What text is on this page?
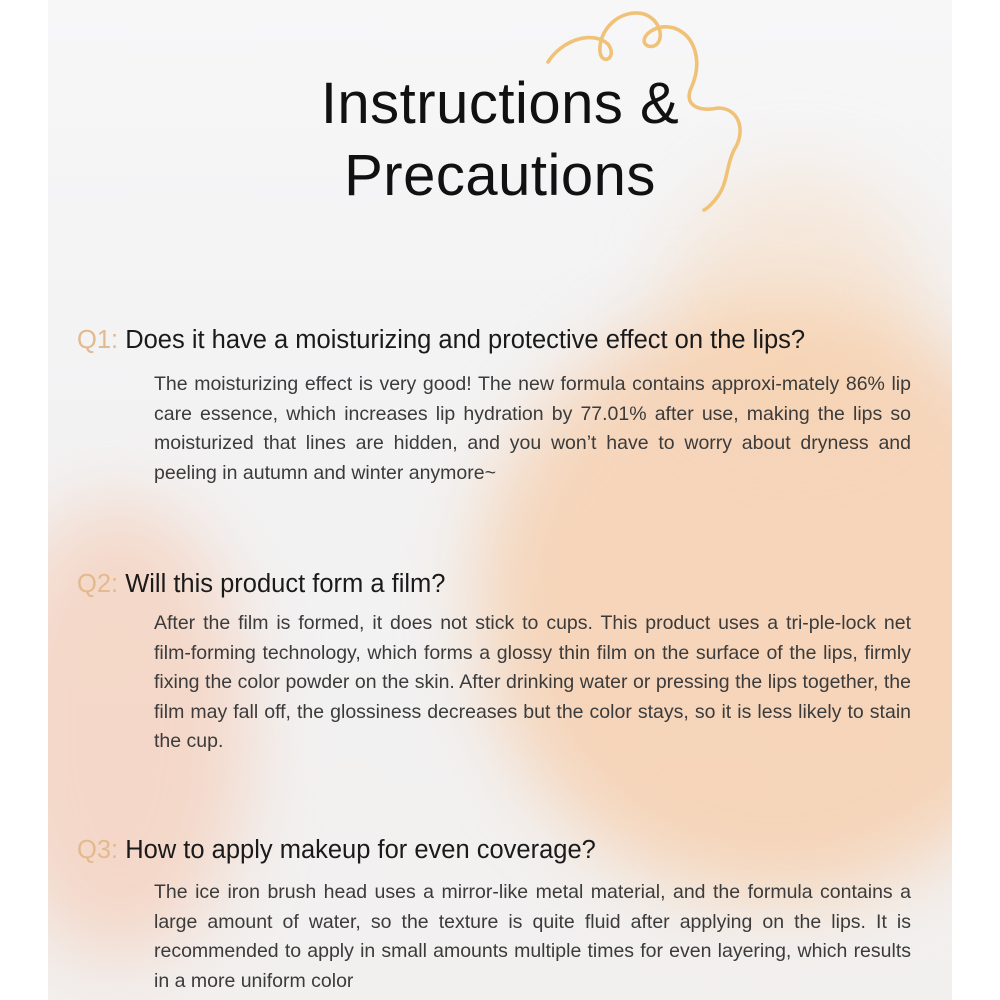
Instructions &
Precautions
Q1: Does it have a moisturizing and protective effect on the lips?

The moisturizing effect is very good! The new formula contains approxi-mately 86% lip care essence, which increases lip hydration by 77.01% after use, making the lips so moisturized that lines are hidden, and you won’t have to worry about dryness and peeling in autumn and winter anymore~

Q2: Will this product form a film?

After the film is formed, it does not stick to cups. This product uses a tri-ple-lock net film-forming technology, which forms a glossy thin film on the surface of the lips, firmly fixing the color powder on the skin. After drinking water or pressing the lips together, the film may fall off, the glossiness decreases but the color stays, so it is less likely to stain the cup.

Q3: How to apply makeup for even coverage?

The ice iron brush head uses a mirror-like metal material, and the formula contains a large amount of water, so the texture is quite fluid after applying on the lips. It is recommended to apply in small amounts multiple times for even layering, which results in a more uniform color
